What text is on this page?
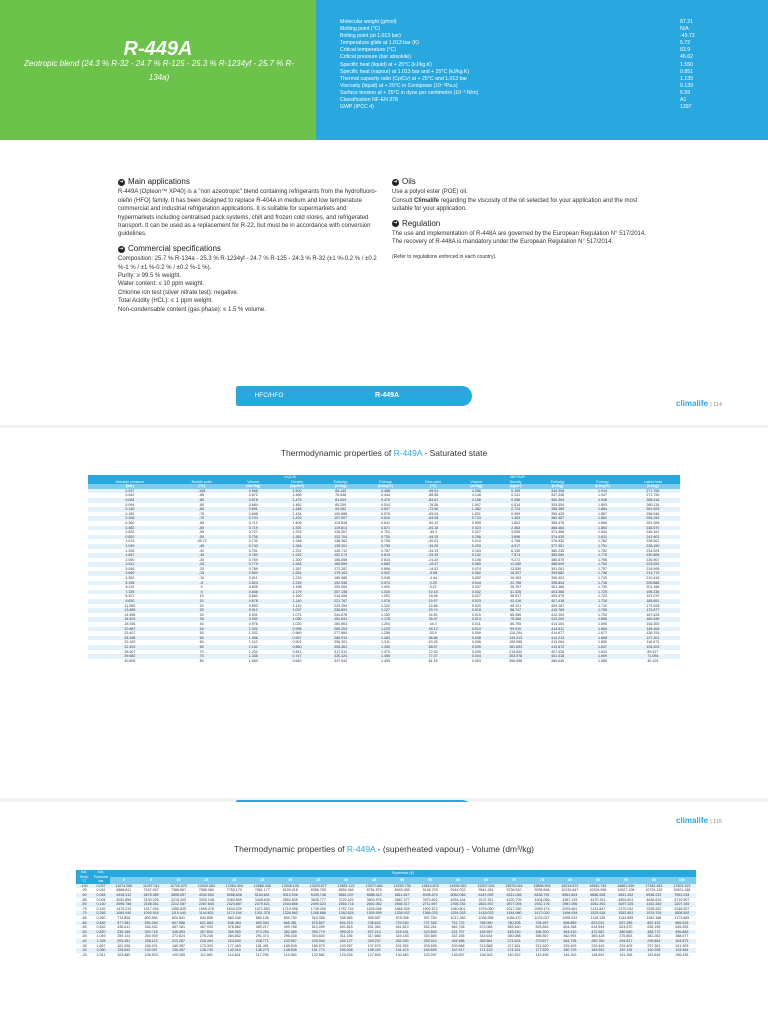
R-449A
Zeotropic blend (24.3 % R-32 - 24.7 % R-125 - 25.3 % R-1234yf - 25.7 % R-134a)
Molecular weight (g/mol)	87.21
Melting point (°C)	N/A
Boiling point (at 1.013 bar)	-45.72
Temperature glide at 1.013 bar (K)	5.72
Critical temperature (°C)	83.9
Critical pressure (bar absolute)	46.62
Specific heat (liquid) at + 25°C (kJ/kg.K)	1.550
Specific heat (vapour) at 1.013 bar and + 25°C (kJ/kg.K)	0.851
Thermal capacity ratio (Cp/Cv) at + 25°C and 1.013 bar	1.139
Viscosity (liquid) at + 25°C in Centipoise (10⁻³Pa.s)	0.139
Surface tension at + 25°C in dyne per centimetre (10⁻³ N/m)	6.59
Classification NF-EN 378	A1
GWP (IPCC 4)	1397
➔ Main applications

R-449A (Opteon™ XP40) is a "non azeotropic" blend containing refrigerants from the hydrofluoro-olefin (HFO) family. It has been designed to replace R-404A in medium and low temperature commercial and industrial refrigeration applications. It is suitable for supermarkets and hypermarkets including centralised pack systems, chill and frozen cold stores, and refrigerated transport. It can be used as a replacement for R-22, but must be in accordance with conversion guidelines.

➔ Commercial specifications
Composition: 25.7 % R-134a - 25.3 % R-1234yf - 24.7 % R-125 - 24.3 % R-32 (±1 %-0.2 % / ±0.2 %-1 % / ±1 %-0.2 % / ±0.2 %-1 %).
Purity: ≥ 99.5 % weight.
Water content: ≤ 10 ppm weight.
Chlorine ion test (silver nitrate test): negative.
Total Acidity (HCL): ≤ 1 ppm weight.
Non-condensable content (gas phase): ≤ 1.5 % volume.
➔ Oils

Use a polyol ester (POE) oil.

Consult Climalife regarding the viscosity of the oil selected for your application and the most suitable for your application.

➔ Regulation

The use and implementation of R-448A are governed by the European Regulation N° 517/2014.

The recovery of R-448A is mandatory under the European Regulation N° 517/2014.

(Refer to regulations enforced in each country).

HFC/HFO	R-449A
climalife | 114
Thermodynamic properties of R-449A - Saturated state
	LIQUID					VAPOUR					
Absolute pressure	Bubble point	Volume	Density	Enthalpy	Entropy	Dew point	Volume	Density	Enthalpy	Entropy	Latent heat
(bar)	(°C)	(dm³/kg)	(kg/dm³)	(kJ/kg)	(kJ/kg.K)	(°C)	(m³/kg)	(kg/m³)	(kJ/kg)	(kJ/kg.K)	(kJ/kg)
0.037	-108	0.666	1.502	85.145	0.488	-95.91	4.356	0.159	344.308	1.910	271.766
0.042	-85	0.672	1.489	75.548	0.444	-88.58	4.148	0.241	347.338	1.947	271.790
0.084	-80	0.678	1.475	81.003	0.479	-83.61	2.156	0.356	350.304	1.938	268.418
0.094	-80	0.684	1.462	85.259	0.514	-78.58	1.947	0.514	353.354	1.893	265.115
0.130	-80	0.691	1.448	94.282	0.547	-73.56	1.382	0.724	356.389	1.884	261.929
0.182	-75	0.698	1.434	100.886	0.576	-69.04	1.001	0.999	359.425	1.887	258.546
0.265	-70	0.704	1.420	107.007	0.610	-64.08	0.733	1.353	362.457	1.851	255.259
0.360	-65	0.712	1.406	113.548	0.641	-59.12	0.555	1.802	365.476	1.866	251.928
0.482	-60	0.719	1.391	119.814	0.671	-54.18	0.423	2.363	368.484	1.853	248.570
0.632	-55	0.727	1.376	126.307	0.701	-49.2	0.327	3.055	371.468	1.841	245.161
0.820	-50	0.735	1.361	132.704	0.730	-44.25	0.256	3.896	374.430	1.831	241.602
1.013	-45.72	0.742	1.348	138.362	0.755	-40.01	0.210	4.758	376.930	1.782	238.567
1.049	-45	0.743	1.346	139.201	0.759	-39.29	0.203	4.917	377.351	1.791	238.150
1.326	-40	0.751	1.331	145.712	0.787	-34.33	0.163	6.130	380.235	1.782	234.524
1.657	-35	0.760	1.315	152.273	0.815	-29.39	0.132	7.574	383.080	1.775	230.808
2.050	-30	0.769	1.300	158.858	0.843	-24.42	0.108	9.272	385.875	1.768	226.967
2.511	-25	0.779	1.284	165.559	0.869	-19.47	0.089	11.250	388.609	1.762	223.052
3.048	-20	0.789	1.267	172.287	0.896	-14.52	0.074	13.550	391.281	1.757	218.995
3.669	-15	0.800	1.251	179.102	0.922	-9.58	0.062	16.207	393.882	1.746	214.779
4.382	-10	0.811	1.233	185.985	0.948	-4.64	0.052	19.263	396.403	1.740	210.418
5.196	-5	0.823	1.216	192.948	0.974	0.29	0.044	22.766	398.834	1.735	205.886
6.119	0	0.835	1.198	200.000	1.000	5.22	0.037	26.767	401.166	1.730	201.166
7.159	5	0.848	1.179	207.148	1.026	10.15	0.032	31.326	403.385	1.725	196.236
8.327	10	0.862	1.160	214.406	1.051	15.06	0.027	36.517	405.475	1.720	191.070
9.630	15	0.878	1.140	221.767	1.076	19.97	0.023	42.416	407.418	1.716	185.651
11.080	20	0.893	1.119	229.259	1.102	24.86	0.020	49.121	409.187	1.711	179.928
12.685	25	0.912	1.097	236.891	1.127	29.74	0.018	56.747	410.769	1.706	173.877
14.456	30	0.931	1.074	244.678	1.152	34.61	0.015	65.456	412.104	1.700	167.426
16.403	35	0.952	1.050	252.641	1.178	39.47	0.013	75.360	413.200	1.696	160.549
18.536	40	0.976	1.025	260.804	1.204	44.3	0.011	86.755	414.104	1.690	153.300
20.867	45	1.002	0.998	269.203	1.229	49.12	0.010	99.910	414.611	1.684	145.408
23.407	50	1.032	0.969	277.884	1.256	53.9	0.009	115.294	414.677	1.677	136.793
26.168	55	1.068	0.937	286.913	1.283	58.66	0.008	133.313	414.214	1.668	127.301
29.163	60	1.110	0.901	296.391	1.311	63.39	0.006	155.085	413.064	1.659	116.673
32.403	65	1.162	0.860	306.461	1.340	68.07	0.005	181.693	410.870	1.647	104.409
35.907	70	1.232	0.811	317.511	1.370	72.62	0.005	215.840	407.428	1.631	89.917
39.682	75	1.338	0.747	330.324	1.406	77.07	0.004	263.978	401.418	1.609	71.094
40.805	80	1.560	0.640	347.942	1.455	81.16	0.003	356.058	389.645	1.585	40.103
climalife | 115
Thermodynamic properties of R-449A - (superheated vapour) - Volume (dm³/kg)
Sat. Temp. °C	Sat. Pressure bar	Superheat (K)																				
		0	5	10	15	20	25	30	35	40	45	50	55	60	65	70	75	80	85	90	95	100
-100	0.037	11074.260	11397.011	11720.070	12043.364	12364.404	12686.306	13008.105	13329.677	13651.122	13972.460	14293.735	14614.878	14935.952	15257.024	15578.016	15898.904	16219.872	16540.745	16861.590	17182.463	17503.193
-95	0.042	6868.811	7167.947	7366.667	7565.060	7763.173	7961.177	8159.016	8356.755	8554.364	8751.879	8949.355	9146.703	9344.022	9541.281	9738.510	9935.658	10132.847	10329.996	10527.106	10724.132	10921.188
-90	0.064	4428.312	4678.389	4806.057	4932.504	5058.808	5184.651	5310.008	5435.748	5561.037	5686.312	5811.647	5936.875	6062.046	6187.092	6312.046	6436.752	6561.604	6686.528	6811.452	6936.232	7061.034
-85	0.094	3052.856	3130.225	3215.345	3300.148	3384.659	3468.839	3552.835	3636.777	3720.422	3803.976	3887.377	3970.822	4054.184	4137.511	4220.799	4304.066	4387.193	4470.391	4553.601	4636.815	4719.907
-80	0.130	2096.756	2158.331	2212.087	2267.845	2323.687	2379.521	2434.868	2490.324	2545.716	2601.052	2656.317	2711.597	2766.783	2821.937	2877.094	2932.176	2987.266	3042.392	3097.325	3152.345	3207.345
-75	0.182	1479.211	1517.994	1556.835	1595.478	1634.039	1672.553	1710.996	1749.405	1787.742	1826.058	1864.308	1902.572	1940.801	1979.050	2017.260	2055.474	2093.661	2131.847	2170.042	2208.262	2246.507
-70	0.265	1064.940	1093.918	1119.440	1144.821	1174.154	1201.378	1228.562	1255.666	1282.824	1309.959	1336.932	1364.023	1391.033	1418.033	1444.980	1472.020	1498.934	1525.918	1552.851	1579.705	1606.552
-65	0.360	774.805	800.550	820.841	840.856	860.448	880.105	899.750	919.358	938.965	958.587	978.058	997.784	1017.382	1036.936	1056.470	1076.027	1095.512	1115.135	1134.655	1154.168	1173.685
-60	0.482	577.981	590.269	607.886	621.864	636.464	650.950	665.381	679.807	694.219	708.643	723.040	737.326	751.722	766.060	780.308	794.597	808.859	823.031	837.286	851.423	865.518
-55	0.632	436.611	446.432	457.181	467.933	478.562	489.217	499.788	510.289	520.818	531.360	541.810	552.261	562.736	573.084	583.460	593.843	604.168	614.544	624.870	635.195	645.455
-50	0.820	335.165	340.718	348.953	357.604	365.963	374.254	382.489	390.779	399.010	407.213	415.431	423.605	431.797	439.957	448.140	456.300	464.410	472.561	480.680	488.770	496.883
-45	1.049	259.124	264.939	271.624	278.245	284.832	291.474	298.038	304.600	311.156	317.666	324.183	330.669	337.155	343.634	350.088	356.557	362.993	369.428	375.853	382.262	388.677
-40	1.326	203.451	208.113	213.287	218.454	223.630	228.771	233.907	239.040	244.127	249.237	254.330	259.414	264.486	269.561	274.624	279.677	284.736	289.780	294.817	299.854	304.873
-35	1.657	161.296	165.201	169.287	173.393	177.463	181.491	185.549	189.573	193.597	197.579	201.592	205.595	209.586	213.568	217.551	221.520	225.493	229.449	233.409	237.361	241.309
-30	2.050	128.842	132.097	135.457	138.740	142.015	145.273	148.526	151.770	155.008	158.240	161.474	164.695	167.917	171.122	174.331	177.529	180.729	183.922	187.115	190.298	193.484
-25	2.511	103.880	106.503	109.265	111.965	114.641	117.295	119.960	122.581	125.226	127.849	130.483	133.097	135.697	138.302	140.912	143.495	146.100	148.691	151.268	153.846	156.436
